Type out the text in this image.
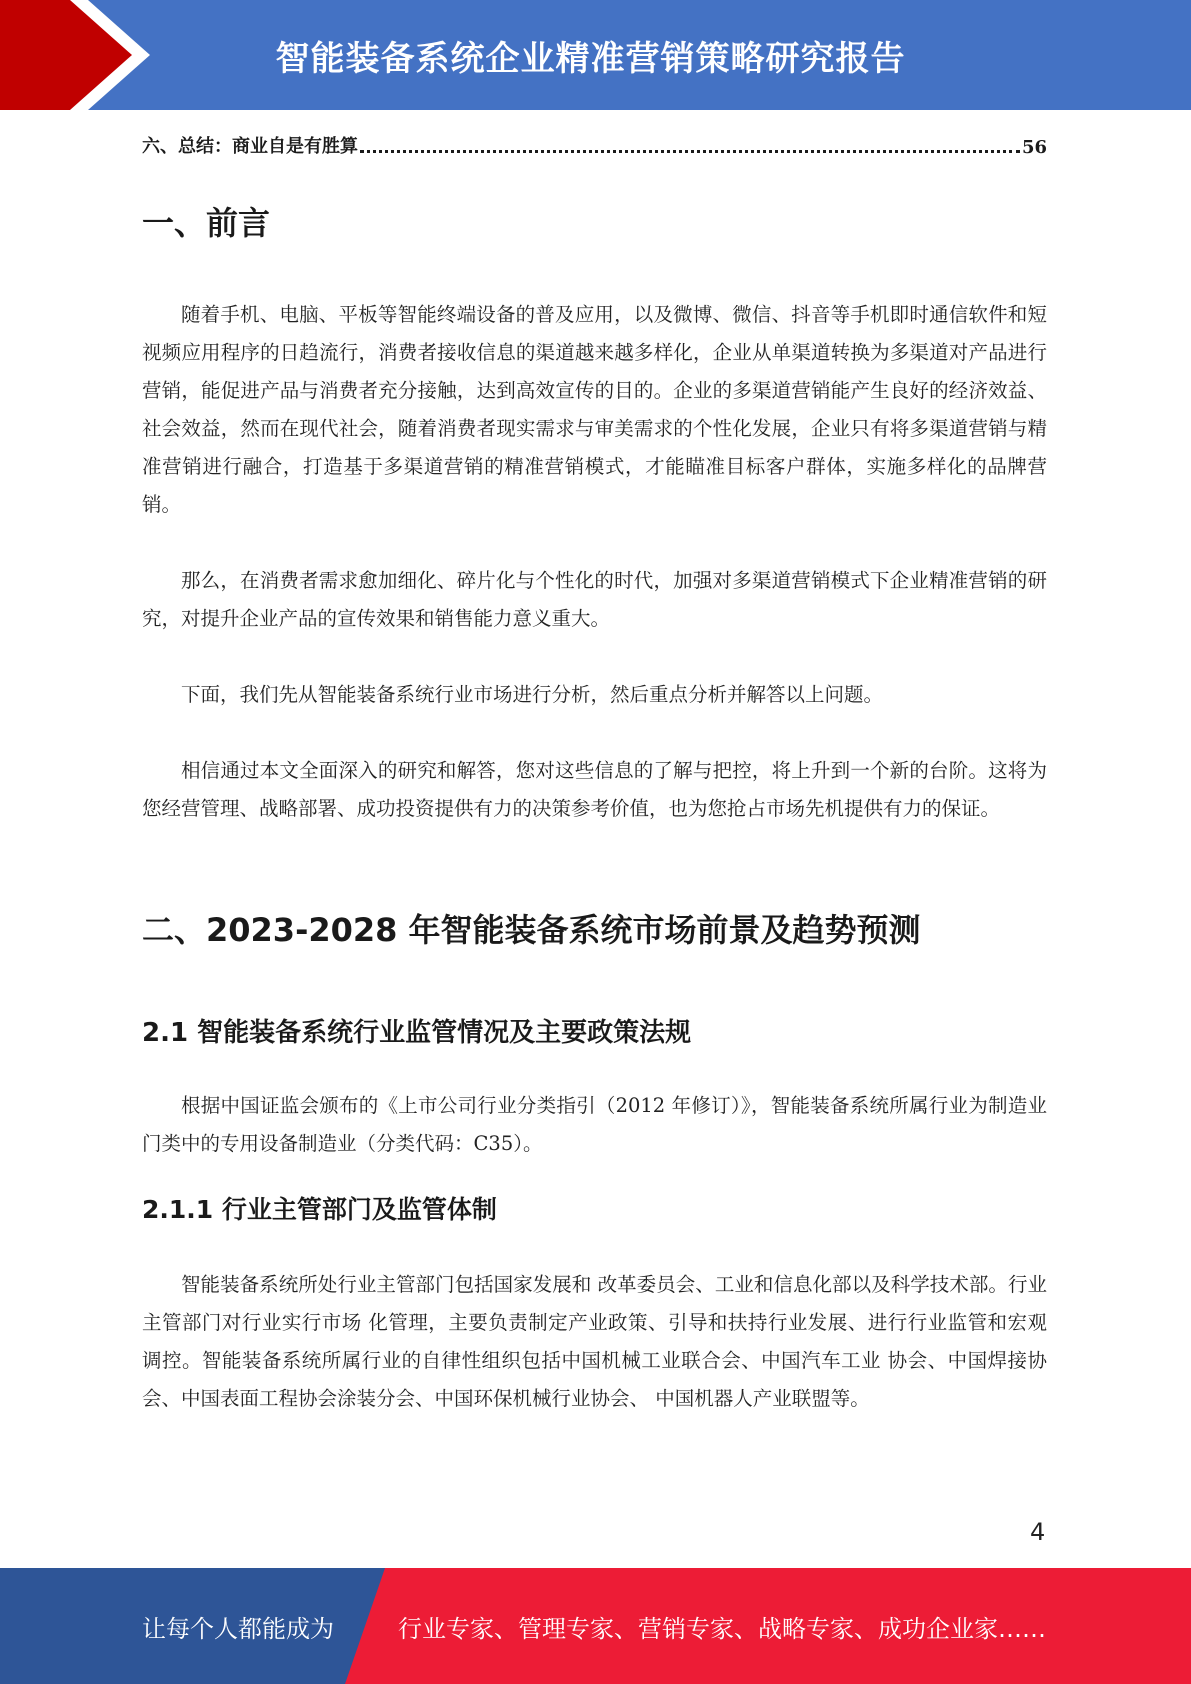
智能装备系统企业精准营销策略研究报告
六、总结：商业自是有胜算	56
一、前言
随着手机、电脑、平板等智能终端设备的普及应用，以及微博、微信、抖音等手机即时通信软件和短视频应用程序的日趋流行，消费者接收信息的渠道越来越多样化，企业从单渠道转换为多渠道对产品进行营销，能促进产品与消费者充分接触，达到高效宣传的目的。企业的多渠道营销能产生良好的经济效益、社会效益，然而在现代社会，随着消费者现实需求与审美需求的个性化发展，企业只有将多渠道营销与精准营销进行融合，打造基于多渠道营销的精准营销模式，才能瞄准目标客户群体，实施多样化的品牌营销。
那么，在消费者需求愈加细化、碎片化与个性化的时代，加强对多渠道营销模式下企业精准营销的研究，对提升企业产品的宣传效果和销售能力意义重大。
下面，我们先从智能装备系统行业市场进行分析，然后重点分析并解答以上问题。
相信通过本文全面深入的研究和解答，您对这些信息的了解与把控，将上升到一个新的台阶。这将为您经营管理、战略部署、成功投资提供有力的决策参考价值，也为您抢占市场先机提供有力的保证。
二、2023-2028 年智能装备系统市场前景及趋势预测
2.1 智能装备系统行业监管情况及主要政策法规
根据中国证监会颁布的《上市公司行业分类指引（2012 年修订）》，智能装备系统所属行业为制造业门类中的专用设备制造业（分类代码：C35）。
2.1.1 行业主管部门及监管体制
智能装备系统所处行业主管部门包括国家发展和 改革委员会、工业和信息化部以及科学技术部。行业主管部门对行业实行市场 化管理，主要负责制定产业政策、引导和扶持行业发展、进行行业监管和宏观 调控。智能装备系统所属行业的自律性组织包括中国机械工业联合会、中国汽车工业 协会、中国焊接协会、中国表面工程协会涂装分会、中国环保机械行业协会、 中国机器人产业联盟等。
4
让每个人都能成为	行业专家、管理专家、营销专家、战略专家、成功企业家……
